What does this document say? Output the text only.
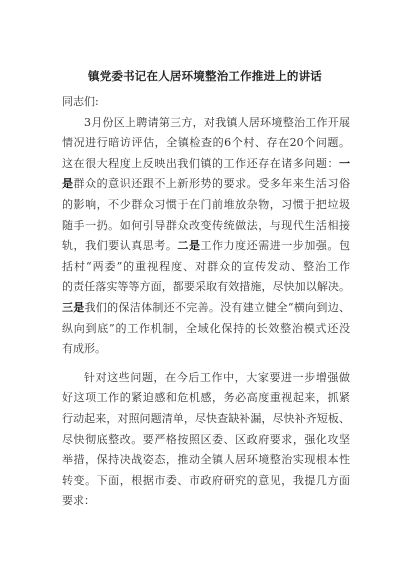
镇党委书记在人居环境整治工作推进上的讲话

同志们:

3月份区上聘请第三方，对我镇人居环境整治工作开展
情况进行暗访评估，全镇检查的6个村、存在20个问题。
这在很大程度上反映出我们镇的工作还存在诸多问题：一
是群众的意识还跟不上新形势的要求。受多年来生活习俗
的影响，不少群众习惯于在门前堆放杂物，习惯于把垃圾
随手一扔。如何引导群众改变传统做法，与现代生活相接
轨，我们要认真思考。二是工作力度还需进一步加强。包
括村“两委”的重视程度、对群众的宣传发动、整治工作
的责任落实等等方面，都要采取有效措施，尽快加以解决。
三是我们的保洁体制还不完善。没有建立健全“横向到边、
纵向到底”的工作机制，全域化保持的长效整治模式还没
有成形。
针对这些问题，在今后工作中，大家要进一步增强做
好这项工作的紧迫感和危机感，务必高度重视起来，抓紧
行动起来，对照问题清单，尽快查缺补漏，尽快补齐短板、
尽快彻底整改。要严格按照区委、区政府要求，强化攻坚
举措，保持决战姿态，推动全镇人居环境整治实现根本性
转变。下面，根据市委、市政府研究的意见，我提几方面
要求：
